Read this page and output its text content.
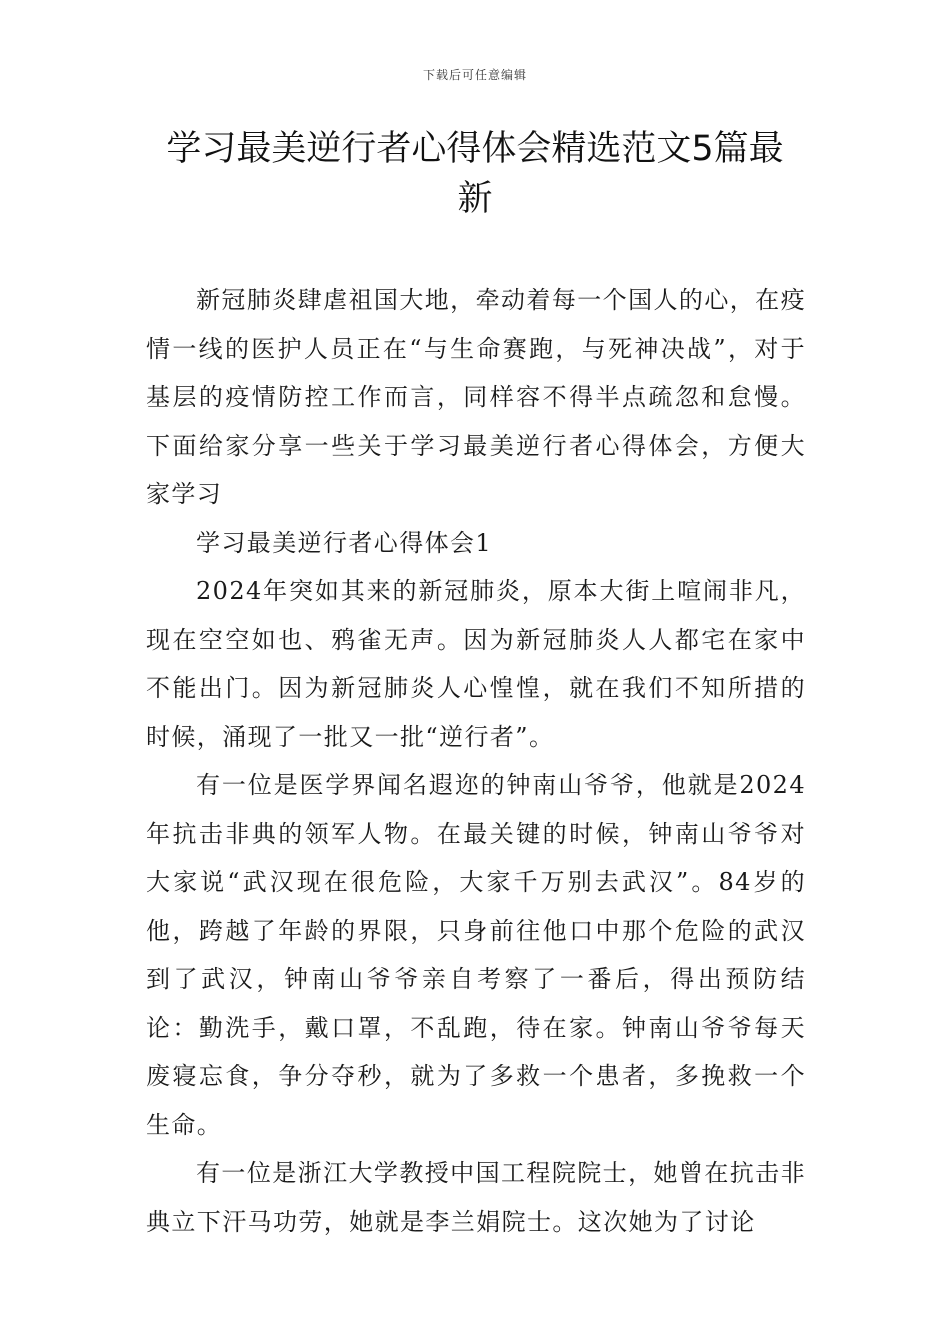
下载后可任意编辑
学习最美逆行者心得体会精选范文5篇最新

新冠肺炎肆虐祖国大地，牵动着每一个国人的心，在疫情一线的医护人员正在“与生命赛跑，与死神决战”，对于基层的疫情防控工作而言，同样容不得半点疏忽和怠慢。下面给家分享一些关于学习最美逆行者心得体会，方便大家学习

学习最美逆行者心得体会1

2024年突如其来的新冠肺炎，原本大街上喧闹非凡，现在空空如也、鸦雀无声。因为新冠肺炎人人都宅在家中不能出门。因为新冠肺炎人心惶惶，就在我们不知所措的时候，涌现了一批又一批“逆行者”。

有一位是医学界闻名遐迩的钟南山爷爷，他就是2024年抗击非典的领军人物。在最关键的时候，钟南山爷爷对大家说“武汉现在很危险，大家千万别去武汉”。84岁的他，跨越了年龄的界限，只身前往他口中那个危险的武汉到了武汉，钟南山爷爷亲自考察了一番后，得出预防结论：勤洗手，戴口罩，不乱跑，待在家。钟南山爷爷每天废寝忘食，争分夺秒，就为了多救一个患者，多挽救一个生命。

有一位是浙江大学教授中国工程院院士，她曾在抗击非典立下汗马功劳，她就是李兰娟院士。这次她为了讨论
